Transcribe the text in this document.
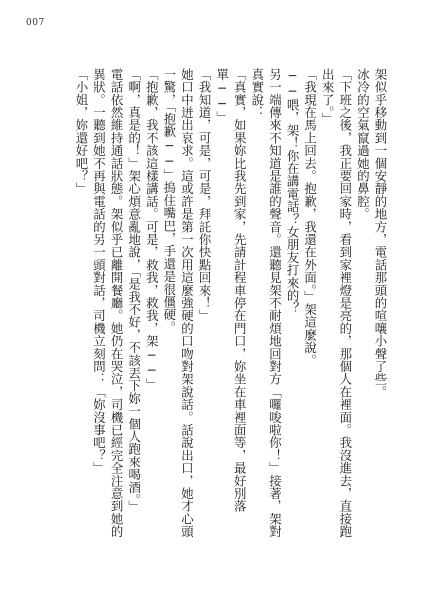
007

架似乎移動到一個安靜的地方，電話那頭的喧嚷小聲了些。

冰冷的空氣竄過她的鼻腔。

「下班之後，我正要回家時，看到家裡燈是亮的，那個人在裡面。我沒進去，直接跑

出來了。」

「我現在馬上回去。抱歉，我還在外面。」架這麼說。

──喂，架！你在講電話？女朋友打來的？

另一端傳來不知道是誰的聲音。還聽見架不耐煩地回對方「囉唆啦你！」接著，架對

真實說：

「真實，如果妳比我先到家，先請計程車停在門口，妳坐在車裡面等，最好別落

單──」

「我知道，可是，可是，拜託你快點回來！」

她口中迸出哀求。這或許是第一次用這麼強硬的口吻對架說話。話說出口，她才心頭

一驚，「抱歉──」摀住嘴巴，手還是很僵硬。

「抱歉，我不該這樣講話。可是，救我，救我，架──」

「啊，真是的！」架心煩意亂地說，「是我不好，不該丟下妳一個人跑來喝酒。」

電話依然維持通話狀態。架似乎已離開餐廳。她仍在哭泣，司機已經完全注意到她的

異狀。一聽到她不再與電話的另一頭對話，司機立刻問：「妳沒事吧？」

「小姐，妳還好吧？」
